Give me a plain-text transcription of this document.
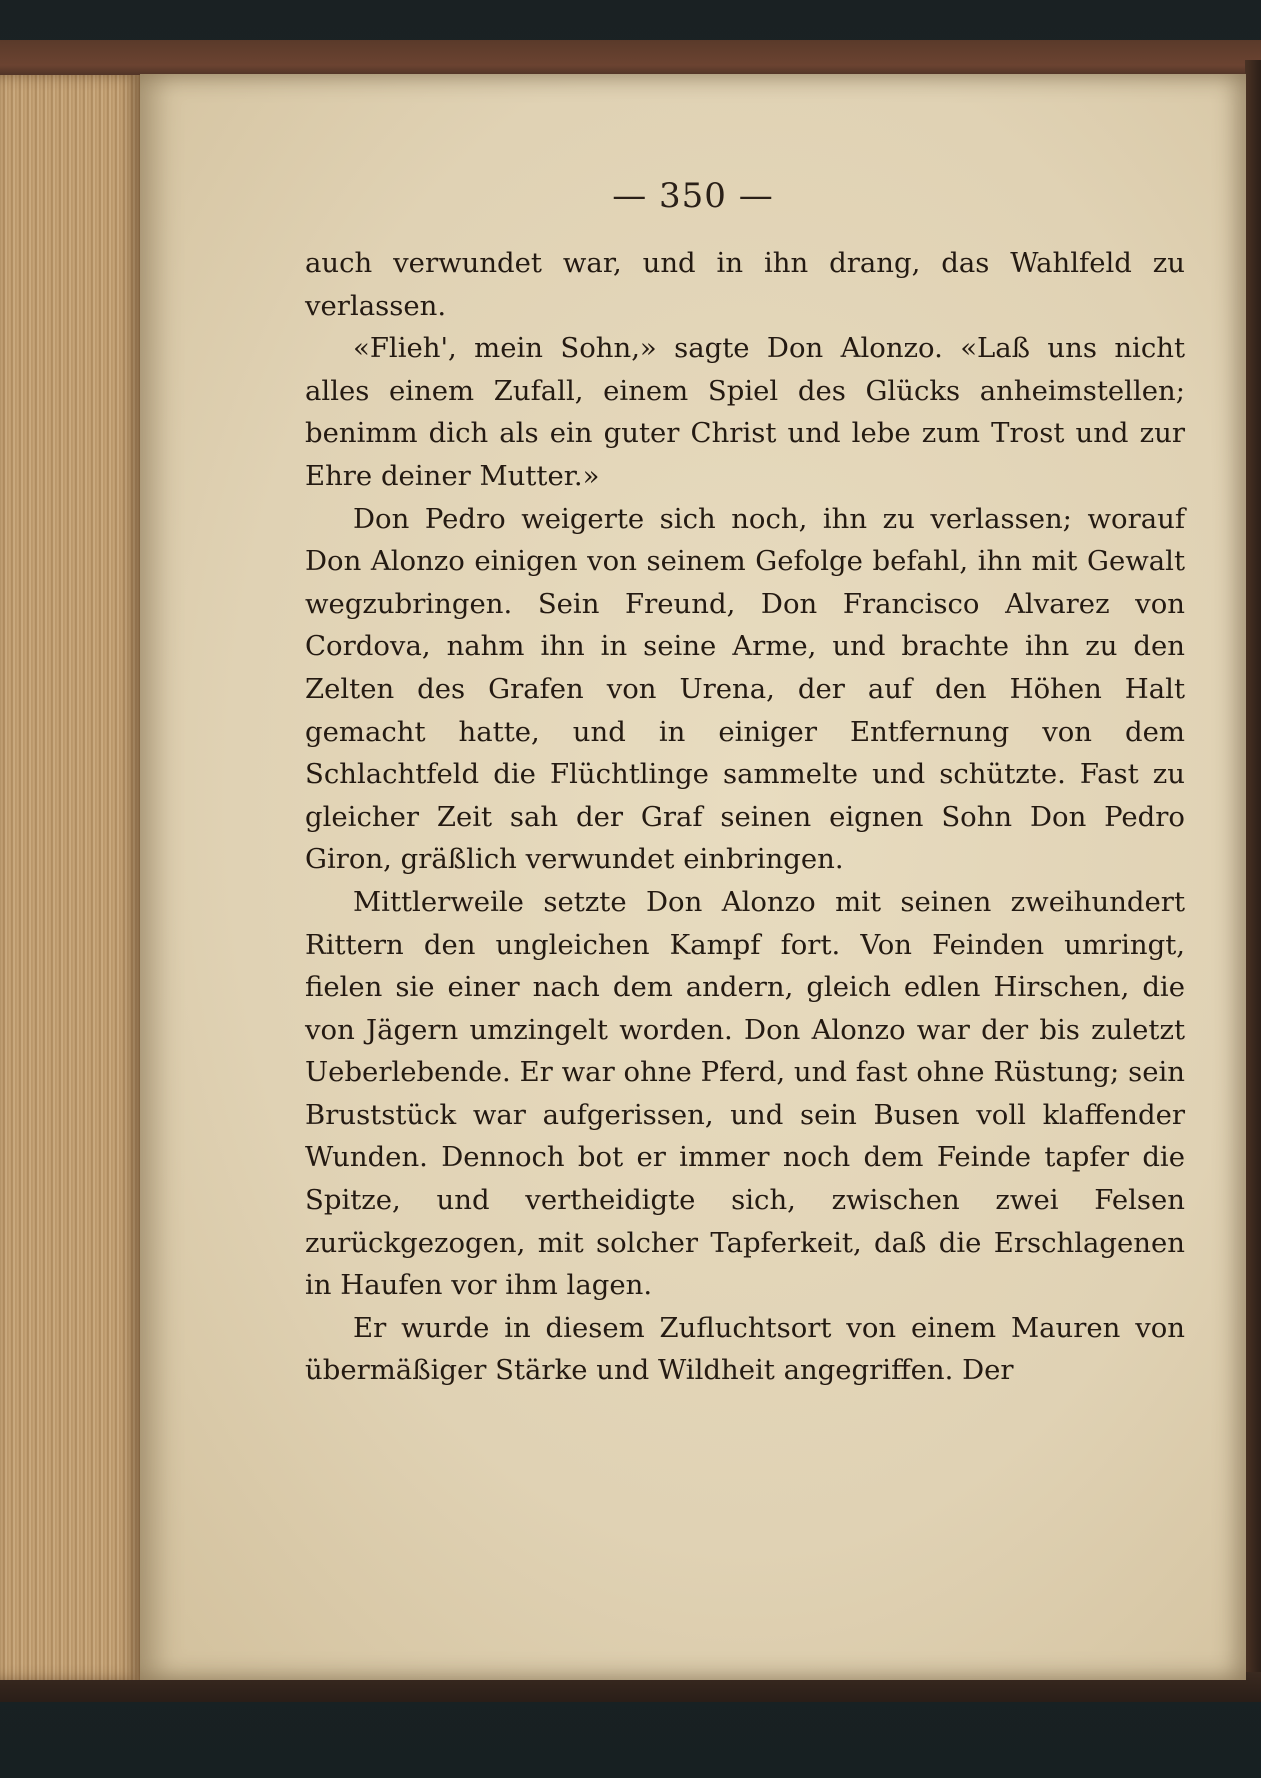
— 350 —

auch verwundet war, und in ihn drang, das Wahlfeld zu verlassen.

«Flieh', mein Sohn,» sagte Don Alonzo. «Laß uns nicht alles einem Zufall, einem Spiel des Glücks anheimstellen; benimm dich als ein guter Christ und lebe zum Trost und zur Ehre deiner Mutter.»

Don Pedro weigerte sich noch, ihn zu verlassen; worauf Don Alonzo einigen von seinem Gefolge befahl, ihn mit Gewalt wegzubringen. Sein Freund, Don Francisco Alvarez von Cordova, nahm ihn in seine Arme, und brachte ihn zu den Zelten des Grafen von Urena, der auf den Höhen Halt gemacht hatte, und in einiger Entfernung von dem Schlachtfeld die Flüchtlinge sammelte und schützte. Fast zu gleicher Zeit sah der Graf seinen eignen Sohn Don Pedro Giron, gräßlich verwundet einbringen.

Mittlerweile setzte Don Alonzo mit seinen zweihundert Rittern den ungleichen Kampf fort. Von Feinden umringt, fielen sie einer nach dem andern, gleich edlen Hirschen, die von Jägern umzingelt worden. Don Alonzo war der bis zuletzt Ueberlebende. Er war ohne Pferd, und fast ohne Rüstung; sein Bruststück war aufgerissen, und sein Busen voll klaffender Wunden. Dennoch bot er immer noch dem Feinde tapfer die Spitze, und vertheidigte sich, zwischen zwei Felsen zurückgezogen, mit solcher Tapferkeit, daß die Erschlagenen in Haufen vor ihm lagen.

Er wurde in diesem Zufluchtsort von einem Mauren von übermäßiger Stärke und Wildheit angegriffen. Der
